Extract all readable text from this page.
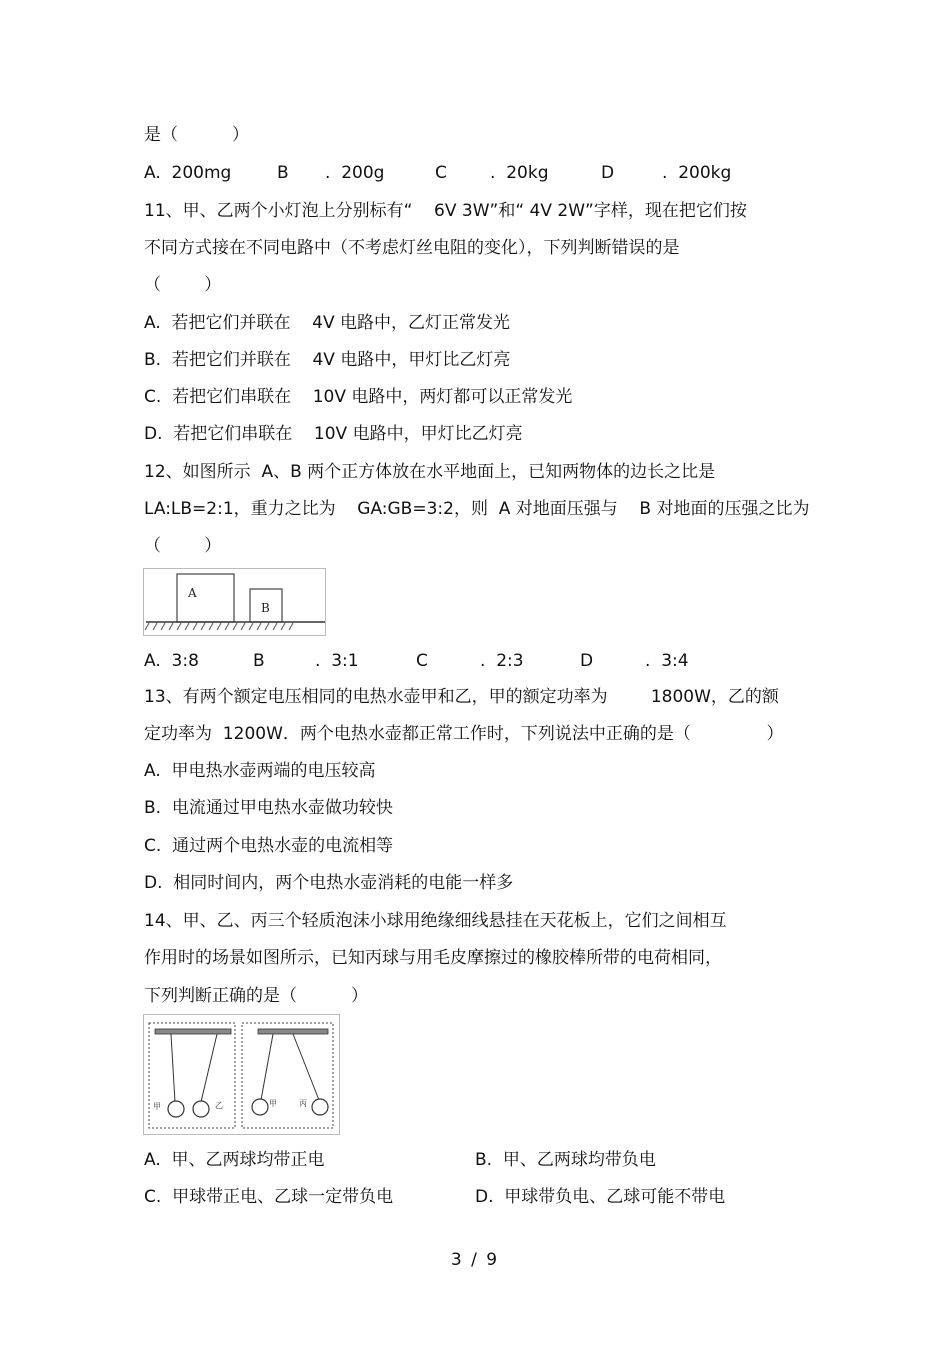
是（          ）
A.  200mg	B .  200g	C	.  20kg	D	.  200kg
11、甲、乙两个小灯泡上分别标有“    6V 3W”和“ 4V 2W”字样，现在把它们按
不同方式接在不同电路中（不考虑灯丝电阻的变化），下列判断错误的是
（        ）
A.  若把它们并联在    4V 电路中，乙灯正常发光
B.  若把它们并联在    4V 电路中，甲灯比乙灯亮
C.  若把它们串联在    10V 电路中，两灯都可以正常发光
D.  若把它们串联在    10V 电路中，甲灯比乙灯亮
12、如图所示  A、B 两个正方体放在水平地面上，已知两物体的边长之比是
LA:LB=2:1，重力之比为    GA:GB=3:2，则  A 对地面压强与    B 对地面的压强之比为
（        ）
A
B
A.  3:8	B	.  3:1	C	.  2:3	D	.  3:4
13、有两个额定电压相同的电热水壶甲和乙，甲的额定功率为        1800W，乙的额
定功率为  1200W．两个电热水壶都正常工作时，下列说法中正确的是（              ）
A.  甲电热水壶两端的电压较高
B.  电流通过甲电热水壶做功较快
C.  通过两个电热水壶的电流相等
D.  相同时间内，两个电热水壶消耗的电能一样多
14、甲、乙、丙三个轻质泡沫小球用绝缘细线悬挂在天花板上，它们之间相互
作用时的场景如图所示，已知丙球与用毛皮摩擦过的橡胶棒所带的电荷相同，
下列判断正确的是（          ）
甲	乙	甲	丙
A.  甲、乙两球均带正电	B.  甲、乙两球均带负电
C.  甲球带正电、乙球一定带负电	D.  甲球带负电、乙球可能不带电
3 / 9
